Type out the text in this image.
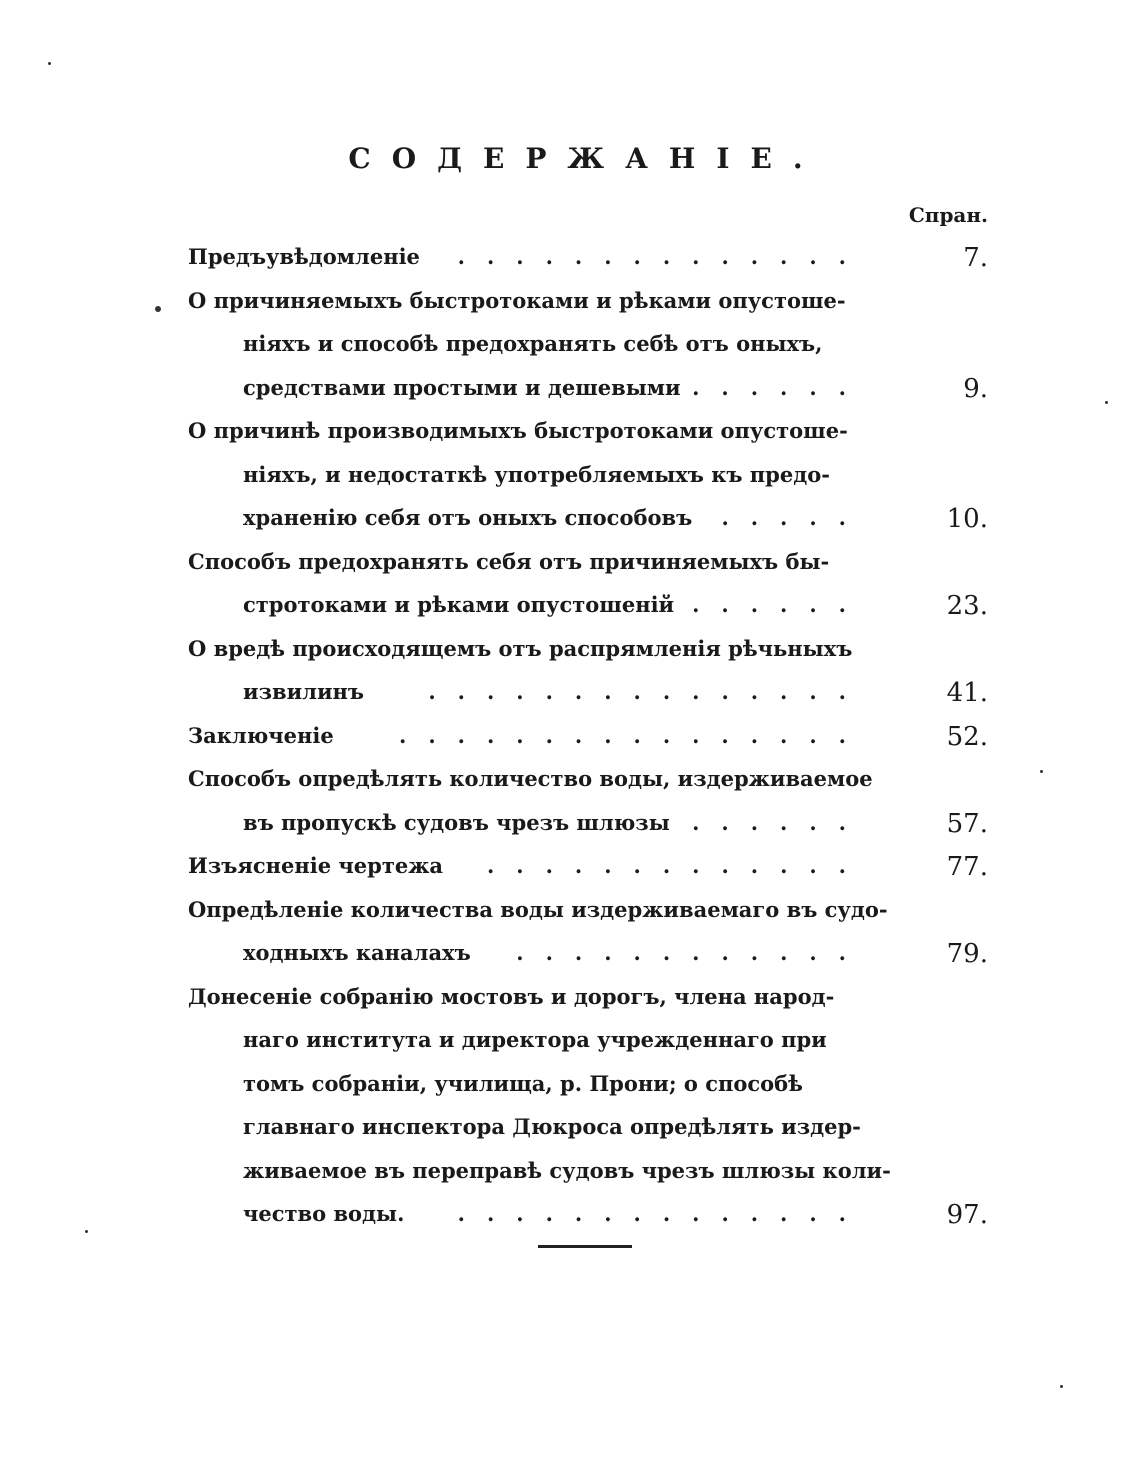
СОДЕРЖАНІЕ.
Спран.
Предъувѣдомленіе	7.
..............
О причиняемыхъ быстротоками и рѣками опустоше-
ніяхъ и способѣ предохранять себѣ отъ оныхъ,
средствами простыми и дешевыми	9.
......
О причинѣ производимыхъ быстротоками опустоше-
ніяхъ, и недостаткѣ употребляемыхъ къ предо-
храненію себя отъ оныхъ способовъ	10.
.....
Способъ предохранять себя отъ причиняемыхъ бы-
стротоками и рѣками опустошеній	23.
......
О вредѣ происходящемъ отъ распрямленія рѣчьныхъ
извилинъ	41.
...............
Заключеніе	52.
................
Способъ опредѣлять количество воды, издерживаемое
въ пропускѣ судовъ чрезъ шлюзы	57.
......
Изъясненіе чертежа	77.
.............
Опредѣленіе количества воды издерживаемаго въ судо-
ходныхъ каналахъ	79.
............
Донесеніе собранію мостовъ и дорогъ, члена народ-
наго института и директора учрежденнаго при
томъ собраніи, училища, р. Прони; о способѣ
главнаго инспектора Дюкроса опредѣлять издер-
живаемое въ переправѣ судовъ чрезъ шлюзы коли-
чество воды.	97.
..............
